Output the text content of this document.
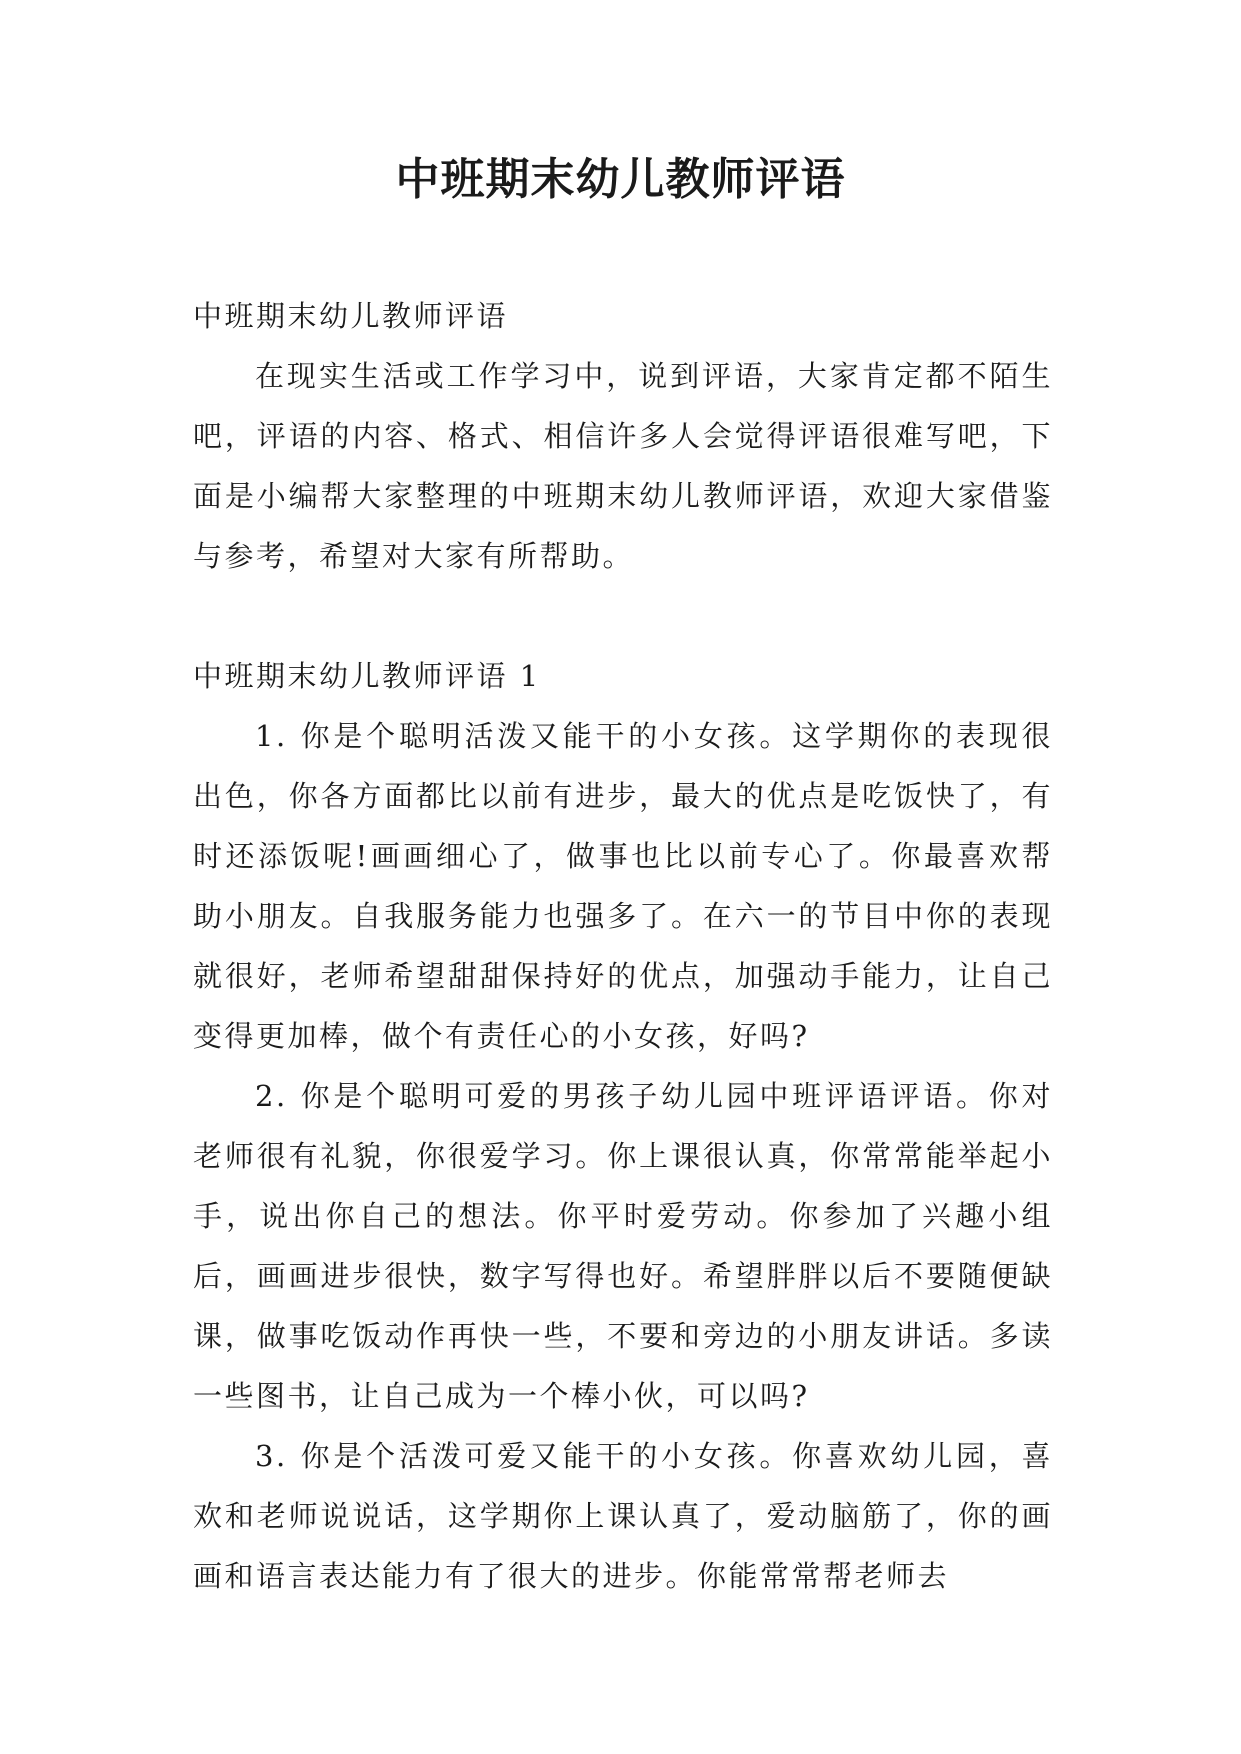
中班期末幼儿教师评语

中班期末幼儿教师评语

在现实生活或工作学习中，说到评语，大家肯定都不陌生吧，评语的内容、格式、相信许多人会觉得评语很难写吧，下面是小编帮大家整理的中班期末幼儿教师评语，欢迎大家借鉴与参考，希望对大家有所帮助。

中班期末幼儿教师评语 1

1. 你是个聪明活泼又能干的小女孩。这学期你的表现很出色，你各方面都比以前有进步，最大的优点是吃饭快了，有时还添饭呢!画画细心了，做事也比以前专心了。你最喜欢帮助小朋友。自我服务能力也强多了。在六一的节目中你的表现就很好，老师希望甜甜保持好的优点，加强动手能力，让自己变得更加棒，做个有责任心的小女孩，好吗?

2. 你是个聪明可爱的男孩子幼儿园中班评语评语。你对老师很有礼貌，你很爱学习。你上课很认真，你常常能举起小手，说出你自己的想法。你平时爱劳动。你参加了兴趣小组后，画画进步很快，数字写得也好。希望胖胖以后不要随便缺课，做事吃饭动作再快一些，不要和旁边的小朋友讲话。多读一些图书，让自己成为一个棒小伙，可以吗?

3. 你是个活泼可爱又能干的小女孩。你喜欢幼儿园，喜欢和老师说说话，这学期你上课认真了，爱动脑筋了，你的画画和语言表达能力有了很大的进步。你能常常帮老师去
